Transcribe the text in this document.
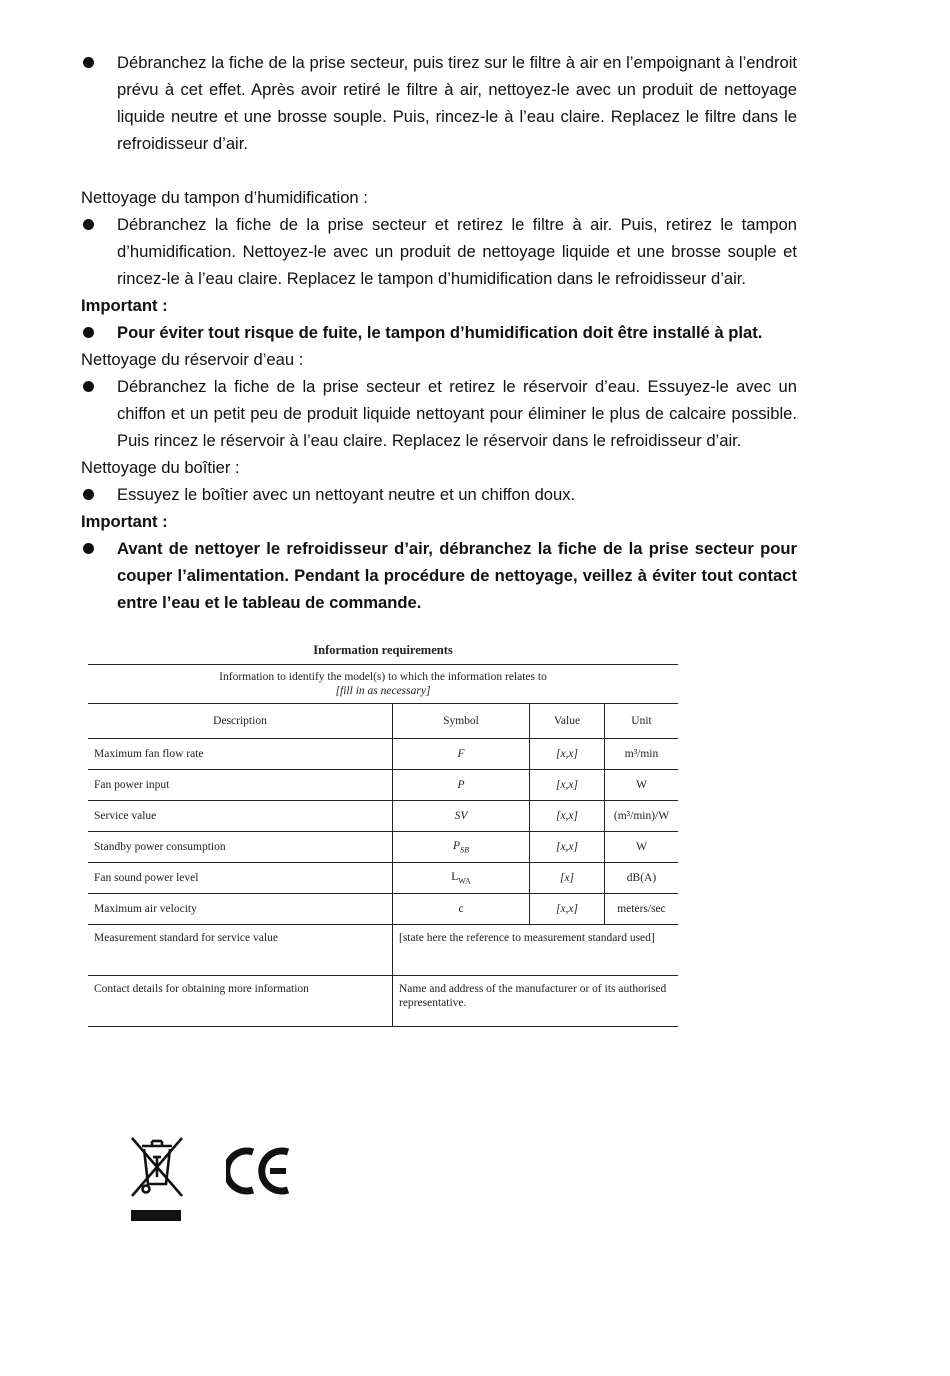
Débranchez la fiche de la prise secteur, puis tirez sur le filtre à air en l’empoignant à l’endroit prévu à cet effet. Après avoir retiré le filtre à air, nettoyez-le avec un produit de nettoyage liquide neutre et une brosse souple. Puis, rincez-le à l’eau claire. Replacez le filtre dans le refroidisseur d’air.

Nettoyage du tampon d’humidification :

Débranchez la fiche de la prise secteur et retirez le filtre à air. Puis, retirez le tampon d’humidification. Nettoyez-le avec un produit de nettoyage liquide et une brosse souple et rincez-le à l’eau claire. Replacez le tampon d’humidification dans le refroidisseur d’air.

Important :

Pour éviter tout risque de fuite, le tampon d’humidification doit être installé à plat.

Nettoyage du réservoir d’eau :

Débranchez la fiche de la prise secteur et retirez le réservoir d’eau. Essuyez-le avec un chiffon et un petit peu de produit liquide nettoyant pour éliminer le plus de calcaire possible. Puis rincez le réservoir à l’eau claire. Replacez le réservoir dans le refroidisseur d’air.

Nettoyage du boîtier :

Essuyez le boîtier avec un nettoyant neutre et un chiffon doux.

Important :

Avant de nettoyer le refroidisseur d’air, débranchez la fiche de la prise secteur pour couper l’alimentation. Pendant la procédure de nettoyage, veillez à éviter tout contact entre l’eau et le tableau de commande.
Information requirements
Information to identify the model(s) to which the information relates to
[fill in as necessary]			

Description	Symbol	Value	Unit
Maximum fan flow rate	F	[x,x]	m³/min
Fan power input	P	[x,x]	W
Service value	SV	[x,x]	(m³/min)/W
Standby power consumption	$P_{SB}$	[x,x]	W
Fan sound power level	$L_{WA}$	[x]	dB(A)
Maximum air velocity	c	[x,x]	meters/sec
Measurement standard for service value	[state here the reference to measurement standard used]		
Contact details for obtaining more information	Name and address of the manufacturer or of its authorised representative.		
